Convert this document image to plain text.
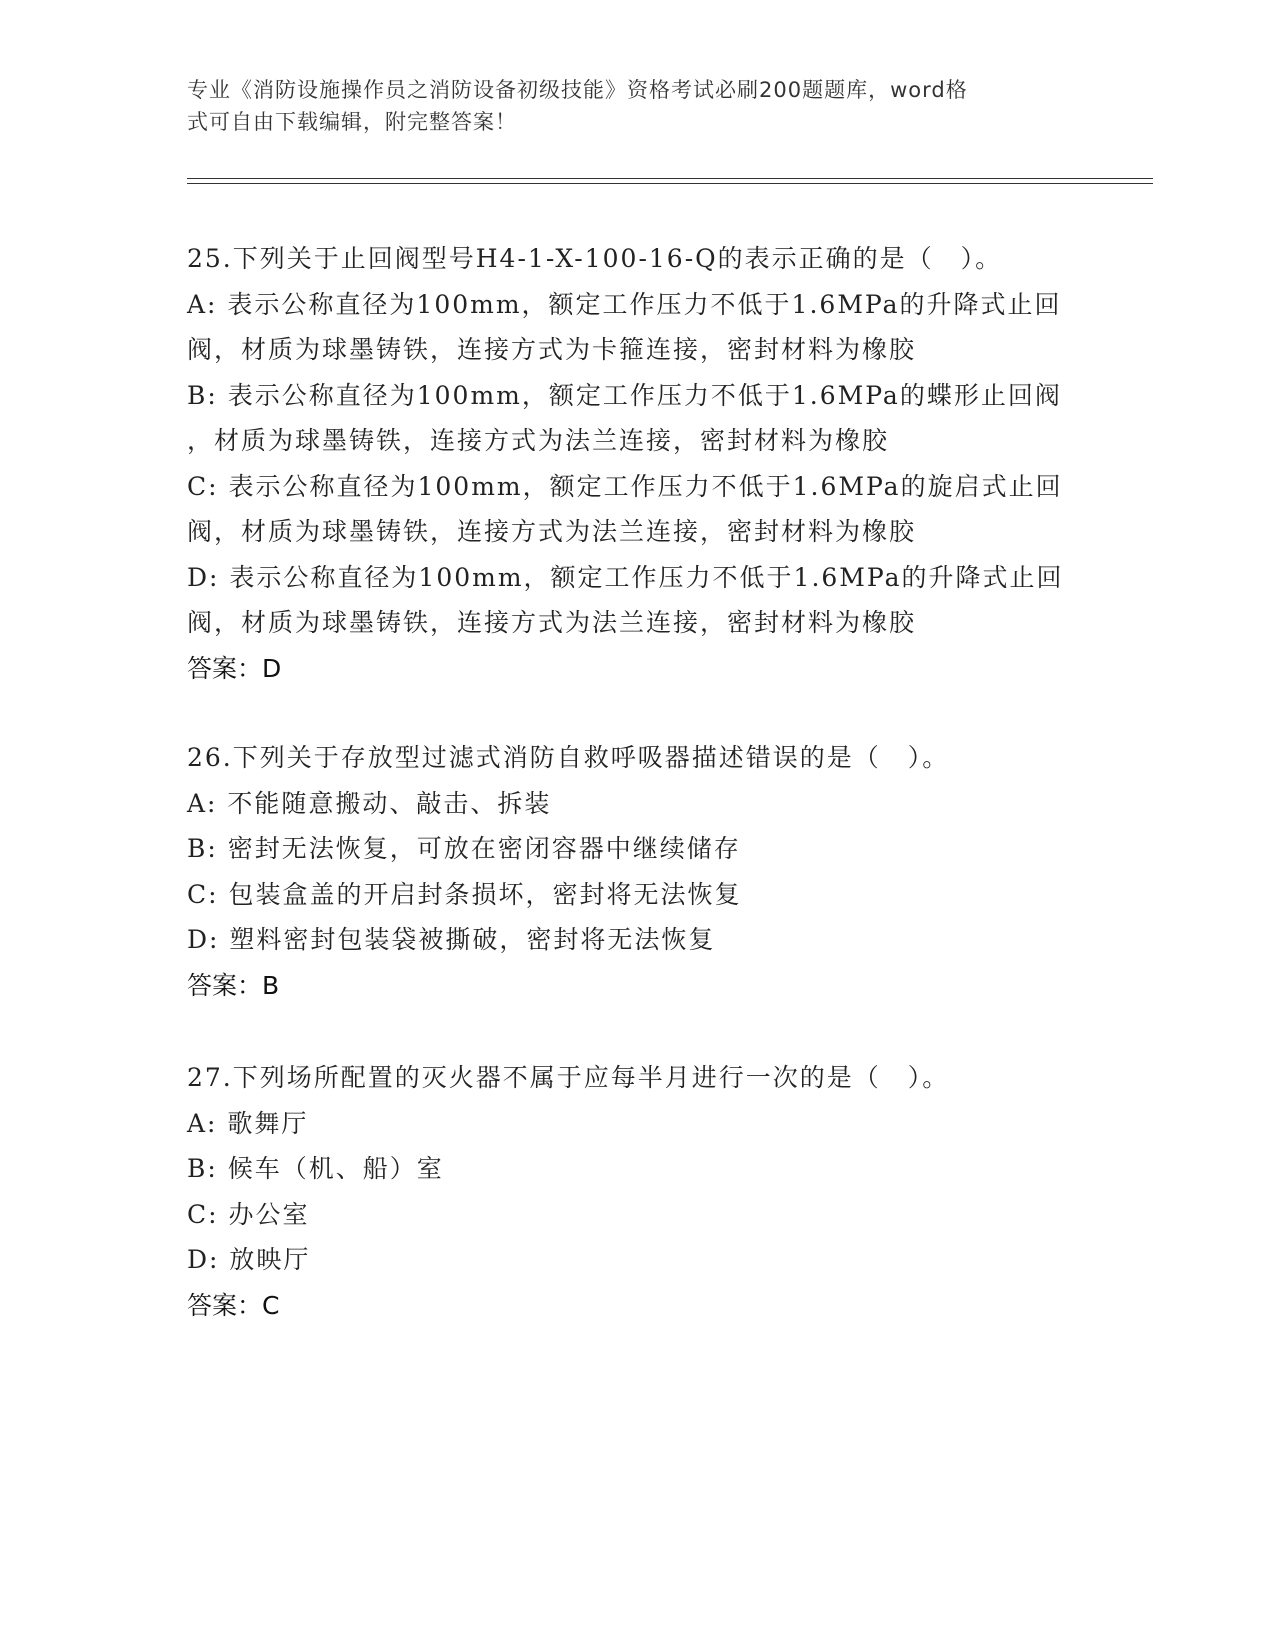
专业《消防设施操作员之消防设备初级技能》资格考试必刷200题题库，word格
式可自由下载编辑，附完整答案！
25.下列关于止回阀型号H4-1-X-100-16-Q的表示正确的是（　）。
A: 表示公称直径为100mm，额定工作压力不低于1.6MPa的升降式止回
阀，材质为球墨铸铁，连接方式为卡箍连接，密封材料为橡胶
B: 表示公称直径为100mm，额定工作压力不低于1.6MPa的蝶形止回阀
，材质为球墨铸铁，连接方式为法兰连接，密封材料为橡胶
C: 表示公称直径为100mm，额定工作压力不低于1.6MPa的旋启式止回
阀，材质为球墨铸铁，连接方式为法兰连接，密封材料为橡胶
D: 表示公称直径为100mm，额定工作压力不低于1.6MPa的升降式止回
阀，材质为球墨铸铁，连接方式为法兰连接，密封材料为橡胶
答案：D
26.下列关于存放型过滤式消防自救呼吸器描述错误的是（　）。
A: 不能随意搬动、敲击、拆装
B: 密封无法恢复，可放在密闭容器中继续储存
C: 包装盒盖的开启封条损坏，密封将无法恢复
D: 塑料密封包装袋被撕破，密封将无法恢复
答案：B
27.下列场所配置的灭火器不属于应每半月进行一次的是（　）。
A: 歌舞厅
B: 候车（机、船）室
C: 办公室
D: 放映厅
答案：C
